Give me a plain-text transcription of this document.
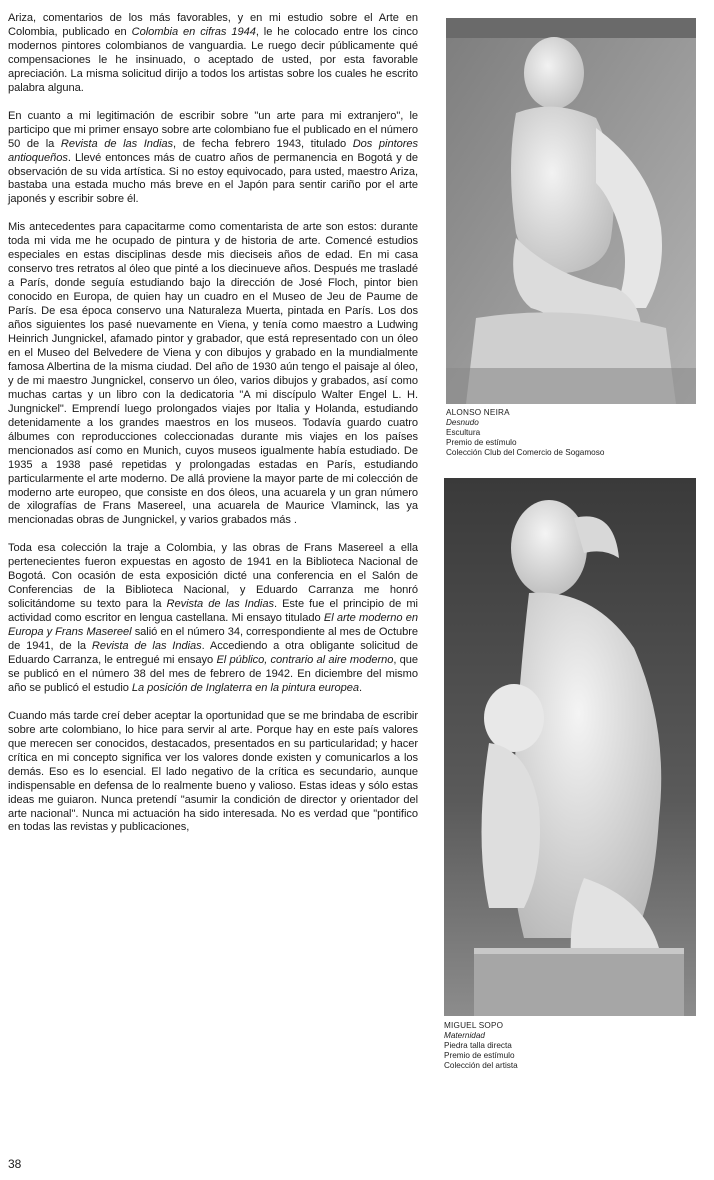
Ariza, comentarios de los más favorables, y en mi estudio sobre el Arte en Colombia, publicado en Colombia en cifras 1944, le he colocado entre los cinco modernos pintores colombianos de vanguardia. Le ruego decir públicamente qué compensaciones le he insinuado, o aceptado de usted, por esta favorable apreciación. La misma solicitud dirijo a todos los artistas sobre los cuales he escrito palabra alguna.

En cuanto a mi legitimación de escribir sobre "un arte para mi extranjero", le participo que mi primer ensayo sobre arte colombiano fue el publicado en el número 50 de la Revista de las Indias, de fecha febrero 1943, titulado Dos pintores antioqueños. Llevé entonces más de cuatro años de permanencia en Bogotá y de observación de su vida artística. Si no estoy equivocado, para usted, maestro Ariza, bastaba una estada mucho más breve en el Japón para sentir cariño por el arte japonés y escribir sobre él.

Mis antecedentes para capacitarme como comentarista de arte son estos: durante toda mi vida me he ocupado de pintura y de historia de arte. Comencé estudios especiales en estas disciplinas desde mis dieciseis años de edad. En mi casa conservo tres retratos al óleo que pinté a los diecinueve años. Después me trasladé a París, donde seguía estudiando bajo la dirección de José Floch, pintor bien conocido en Europa, de quien hay un cuadro en el Museo de Jeu de Paume de París. De esa época conservo una Naturaleza Muerta, pintada en París. Los dos años siguientes los pasé nuevamente en Viena, y tenía como maestro a Ludwing Heinrich Jungnickel, afamado pintor y grabador, que está representado con un óleo en el Museo del Belvedere de Viena y con dibujos y grabado en la mundialmente famosa Albertina de la misma ciudad. Del año de 1930 aún tengo el paisaje al óleo, y de mi maestro Jungnickel, conservo un óleo, varios dibujos y grabados, así como muchas cartas y un libro con la dedicatoria "A mi discípulo Walter Engel L. H. Jungnickel". Emprendí luego prolongados viajes por Italia y Holanda, estudiando detenidamente a los grandes maestros en los museos. Todavía guardo cuatro álbumes con reproducciones coleccionadas durante mis viajes en los países mencionados así como en Munich, cuyos museos igualmente había estudiado. De 1935 a 1938 pasé repetidas y prolongadas estadas en París, estudiando particularmente el arte moderno. De allá proviene la mayor parte de mi colección de moderno arte europeo, que consiste en dos óleos, una acuarela y un gran número de xilografías de Frans Masereel, una acuarela de Maurice Vlaminck, las ya mencionadas obras de Jungnickel, y varios grabados más .

Toda esa colección la traje a Colombia, y las obras de Frans Masereel a ella pertenecientes fueron expuestas en agosto de 1941 en la Biblioteca Nacional de Bogotá. Con ocasión de esta exposición dicté una conferencia en el Salón de Conferencias de la Biblioteca Nacional, y Eduardo Carranza me honró solicitándome su texto para la Revista de las Indias. Este fue el principio de mi actividad como escritor en lengua castellana. Mi ensayo titulado El arte moderno en Europa y Frans Masereel salió en el número 34, correspondiente al mes de Octubre de 1941, de la Revista de las Indias. Accediendo a otra obligante solicitud de Eduardo Carranza, le entregué mi ensayo El público, contrario al aire moderno, que se publicó en el número 38 del mes de febrero de 1942. En diciembre del mismo año se publicó el estudio La posición de Inglaterra en la pintura europea.

Cuando más tarde creí deber aceptar la oportunidad que se me brindaba de escribir sobre arte colombiano, lo hice para servir al arte. Porque hay en este país valores que merecen ser conocidos, destacados, presentados en su particularidad; y hacer crítica en mi concepto significa ver los valores donde existen y comunicarlos a los demás. Eso es lo esencial. El lado negativo de la crítica es secundario, aunque indispensable en defensa de lo realmente bueno y valioso. Estas ideas y sólo estas ideas me guiaron. Nunca pretendí "asumir la condición de director y orientador del arte nacional". Nunca mi actuación ha sido interesada. No es verdad que "pontifico en todas las revistas y publicaciones,

ALONSO NEIRA
Desnudo
Escultura
Premio de estímulo
Colección Club del Comercio de Sogamoso
MIGUEL SOPO
Maternidad
Piedra talla directa
Premio de estímulo
Colección del artista
38
